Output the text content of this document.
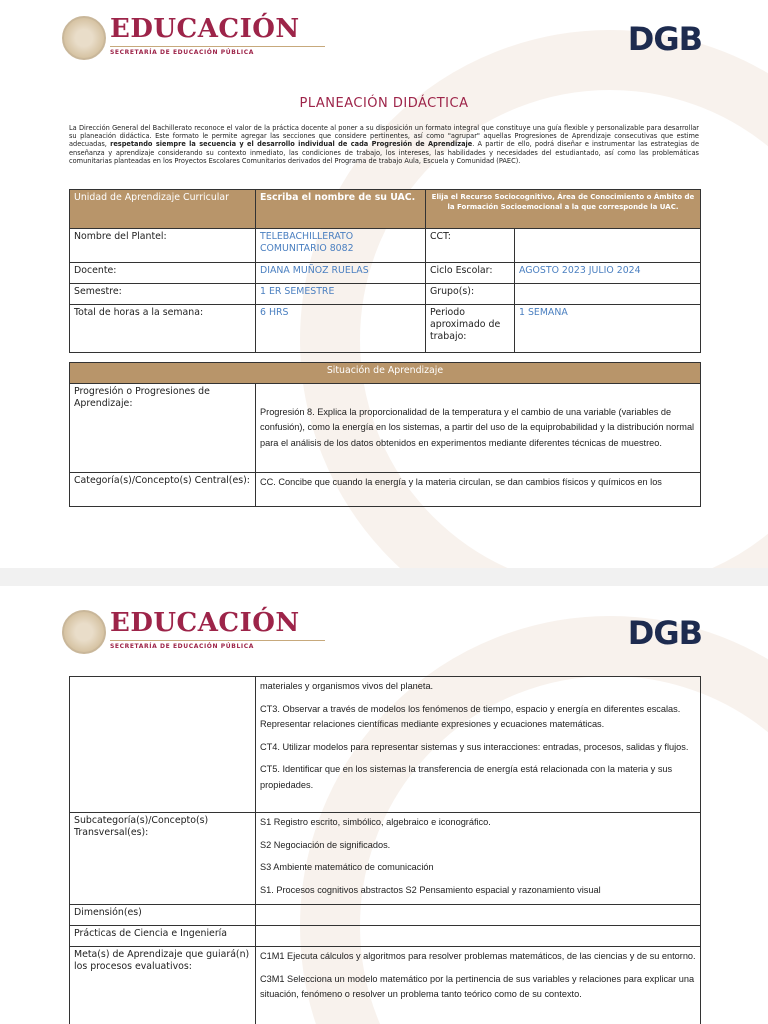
EDUCACIÓN
SECRETARÍA DE EDUCACIÓN PÚBLICA	DGB
PLANEACIÓN DIDÁCTICA
La Dirección General del Bachillerato reconoce el valor de la práctica docente al poner a su disposición un formato integral que constituye una guía flexible y personalizable para desarrollar su planeación didáctica. Este formato le permite agregar las secciones que considere pertinentes, así como "agrupar" aquellas Progresiones de Aprendizaje consecutivas que estime adecuadas, respetando siempre la secuencia y el desarrollo individual de cada Progresión de Aprendizaje. A partir de ello, podrá diseñar e instrumentar las estrategias de enseñanza y aprendizaje considerando su contexto inmediato, las condiciones de trabajo, los intereses, las habilidades y necesidades del estudiantado, así como las problemáticas comunitarias planteadas en los Proyectos Escolares Comunitarios derivados del Programa de trabajo Aula, Escuela y Comunidad (PAEC).
Unidad de Aprendizaje Curricular	Escriba el nombre de su UAC.	Elija el Recurso Sociocognitivo, Área de Conocimiento o Ámbito de la Formación Socioemocional a la que corresponde la UAC.	
Nombre del Plantel:	TELEBACHILLERATO COMUNITARIO 8082	CCT:	
Docente:	DIANA MUÑOZ RUELAS	Ciclo Escolar:	AGOSTO 2023 JULIO 2024
Semestre:	1 ER SEMESTRE	Grupo(s):	
Total de horas a la semana:	6 HRS	Periodo aproximado de trabajo:	1 SEMANA
Situación de Aprendizaje	
Progresión o Progresiones de Aprendizaje:	Progresión 8. Explica la proporcionalidad de la temperatura y el cambio de una variable (variables de confusión), como la energía en los sistemas, a partir del uso de la equiprobabilidad y la distribución normal para el análisis de los datos obtenidos en experimentos mediante diferentes técnicas de muestreo.
Categoría(s)/Concepto(s) Central(es):	CC. Concibe que cuando la energía y la materia circulan, se dan cambios físicos y químicos en los
EDUCACIÓN
SECRETARÍA DE EDUCACIÓN PÚBLICA	DGB

	materiales y organismos vivos del planeta.

CT3. Observar a través de modelos los fenómenos de tiempo, espacio y energía en diferentes escalas. Representar relaciones científicas mediante expresiones y ecuaciones matemáticas.

CT4. Utilizar modelos para representar sistemas y sus interacciones: entradas, procesos, salidas y flujos.

CT5. Identificar que en los sistemas la transferencia de energía está relacionada con la materia y sus propiedades.

Subcategoría(s)/Concepto(s) Transversal(es):	S1 Registro escrito, simbólico, algebraico e iconográfico.

S2 Negociación de significados.

S3 Ambiente matemático de comunicación

S1. Procesos cognitivos abstractos S2 Pensamiento espacial y razonamiento visual

Dimensión(es)	
Prácticas de Ciencia e Ingeniería	
Meta(s) de Aprendizaje que guiará(n) los procesos evaluativos:	C1M1 Ejecuta cálculos y algoritmos para resolver problemas matemáticos, de las ciencias y de su entorno.

C3M1 Selecciona un modelo matemático por la pertinencia de sus variables y relaciones para explicar una situación, fenómeno o resolver un problema tanto teórico como de su contexto.
